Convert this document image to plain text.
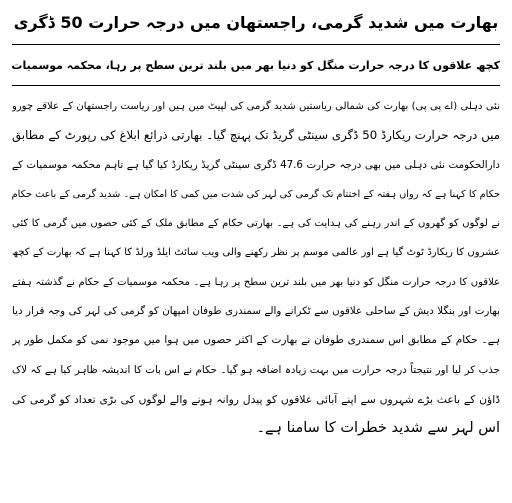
بھارت میں شدید گرمی، راجستھان میں درجہ حرارت 50 ڈگری
کچھ علاقوں کا درجہ حرارت منگل کو دنیا بھر میں بلند ترین سطح پر رہا، محکمہ موسمیات
نئی دہلی (اے پی پی) بھارت کی شمالی ریاستیں شدید گرمی کی لپیٹ میں ہیں اور ریاست راجستھان کے علاقے چورو
میں درجہ حرارت ریکارڈ 50 ڈگری سینٹی گریڈ تک پہنچ گیا۔ بھارتی ذرائع ابلاغ کی رپورٹ کے مطابق
دارالحکومت نئی دہلی میں بھی درجہ حرارت 47.6 ڈگری سینٹی گریڈ ریکارڈ کیا گیا ہے تاہم محکمہ موسمیات کے
حکام کا کہنا ہے کہ رواں ہفتہ کے اختتام تک گرمی کی لہر کی شدت میں کمی کا امکان ہے۔ شدید گرمی کے باعث حکام
نے لوگوں کو گھروں کے اندر رہنے کی ہدایت کی ہے۔ بھارتی حکام کے مطابق ملک کے کئی حصوں میں گرمی کا کئی
عشروں کا ریکارڈ ٹوٹ گیا ہے اور عالمی موسم پر نظر رکھنے والی ویب سائٹ ایلڈ ورلڈ کا کہنا ہے کہ بھارت کے کچھ
علاقوں کا درجہ حرارت منگل کو دنیا بھر میں بلند ترین سطح پر رہا ہے۔ محکمہ موسمیات کے حکام نے گذشتہ ہفتے
بھارت اور بنگلا دیش کے ساحلی علاقوں سے ٹکرانے والے سمندری طوفان امپھان کو گرمی کی لہر کی وجہ قرار دیا
ہے۔ حکام کے مطابق اس سمندری طوفان نے بھارت کے اکثر حصوں میں ہوا میں موجود نمی کو مکمل طور پر
جذب کر لیا اور نتیجتاً درجہ حرارت میں بہت زیادہ اضافہ ہو گیا۔ حکام نے اس بات کا اندیشہ ظاہر کیا ہے کہ لاک
ڈاؤن کے باعث بڑے شہروں سے اپنے آبائی علاقوں کو پیدل روانہ ہونے والے لوگوں کی بڑی تعداد کو گرمی کی
اس لہر سے شدید خطرات کا سامنا ہے۔
